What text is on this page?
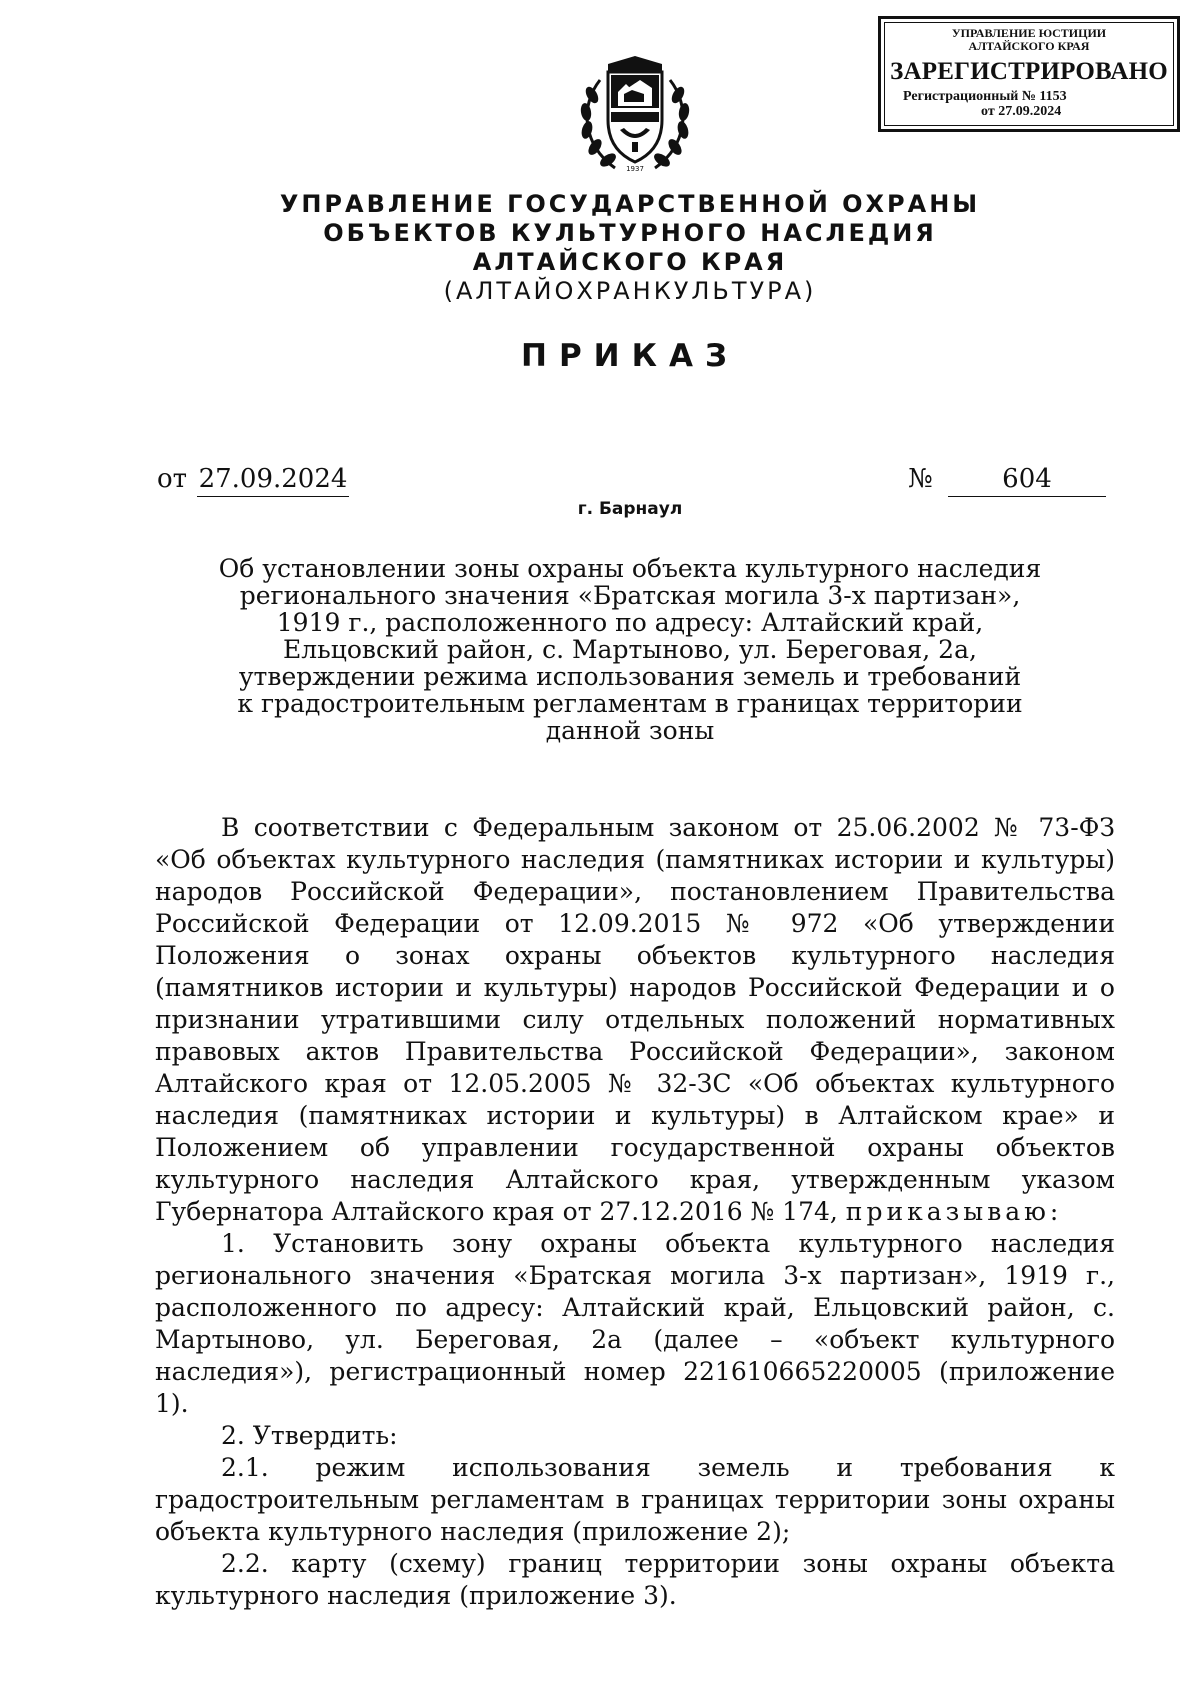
1937
УПРАВЛЕНИЕ ЮСТИЦИИ
АЛТАЙСКОГО КРАЯ
ЗАРЕГИСТРИРОВАНО
Регистрационный № 1153
от 27.09.2024
УПРАВЛЕНИЕ ГОСУДАРСТВЕННОЙ ОХРАНЫ
ОБЪЕКТОВ КУЛЬТУРНОГО НАСЛЕДИЯ
АЛТАЙСКОГО КРАЯ
(АЛТАЙОХРАНКУЛЬТУРА)
ПРИКАЗ
от 27.09.2024	№	604
г. Барнаул
Об установлении зоны охраны объекта культурного наследия
регионального значения «Братская могила 3-х партизан»,
1919 г., расположенного по адресу: Алтайский край,
Ельцовский район, с. Мартыново, ул. Береговая, 2а,
утверждении режима использования земель и требований
к градостроительным регламентам в границах территории
данной зоны

В соответствии с Федеральным законом от 25.06.2002 № 73-ФЗ «Об объектах культурного наследия (памятниках истории и культуры) народов Российской Федерации», постановлением Правительства Российской Федерации от 12.09.2015 № 972 «Об утверждении Положения о зонах охраны объектов культурного наследия (памятников истории и культуры) народов Российской Федерации и о признании утратившими силу отдельных положений нормативных правовых актов Правительства Российской Федерации», законом Алтайского края от 12.05.2005 № 32-ЗС «Об объектах культурного наследия (памятниках истории и культуры) в Алтайском крае» и Положением об управлении государственной охраны объектов культурного наследия Алтайского края, утвержденным указом Губернатора Алтайского края от 27.12.2016 № 174, приказываю:

1. Установить зону охраны объекта культурного наследия регионального значения «Братская могила 3-х партизан», 1919 г., расположенного по адресу: Алтайский край, Ельцовский район, с. Мартыново, ул. Береговая, 2а (далее – «объект культурного наследия»), регистрационный номер 221610665220005 (приложение 1).

2. Утвердить:

2.1. режим использования земель и требования к градостроительным регламентам в границах территории зоны охраны объекта культурного наследия (приложение 2);

2.2. карту (схему) границ территории зоны охраны объекта культурного наследия (приложение 3).
